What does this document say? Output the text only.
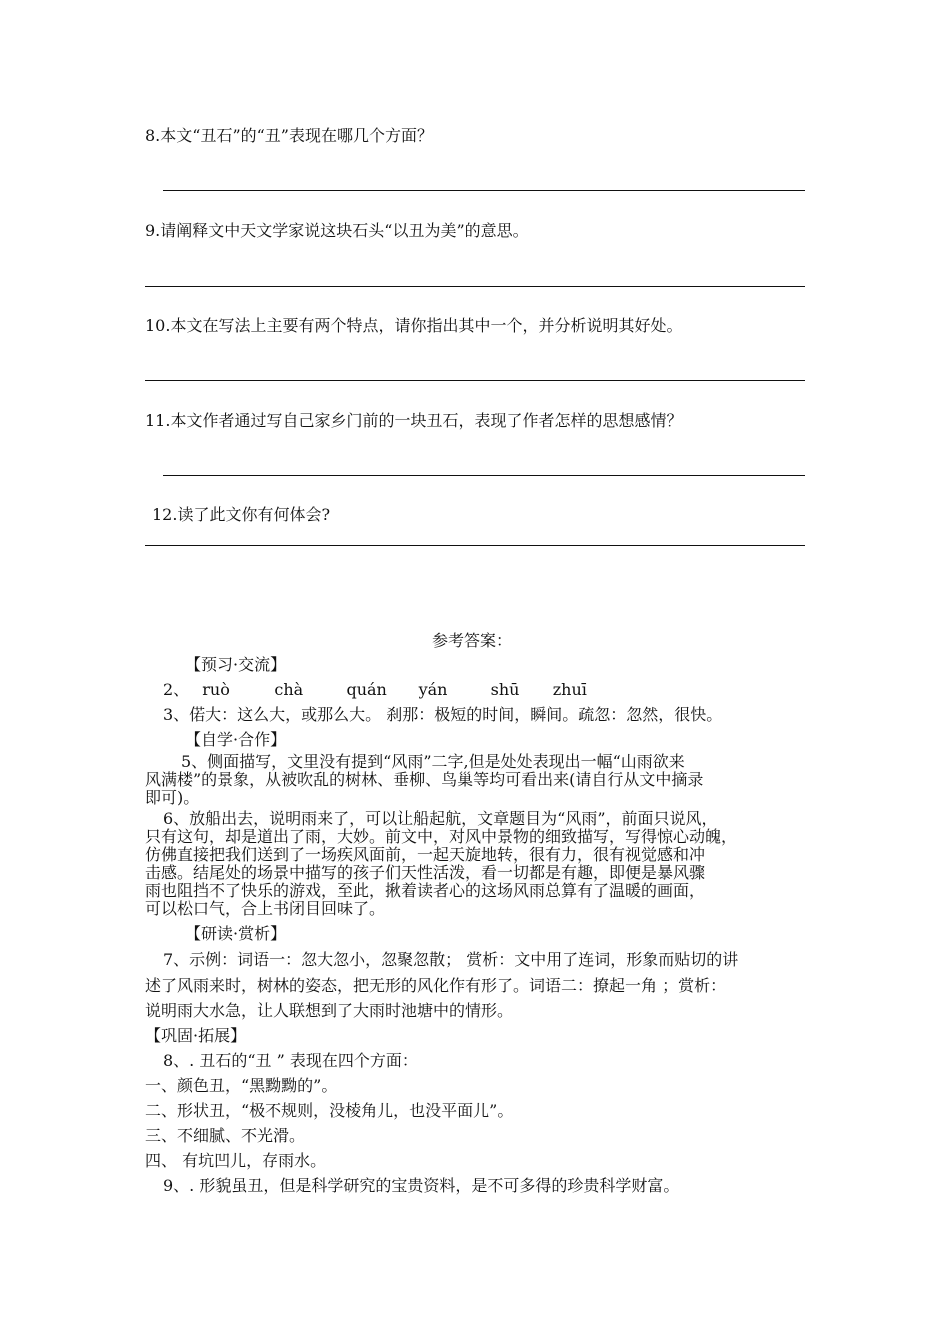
8.本文“丑石”的“丑”表现在哪几个方面？
9.请阐释文中天文学家说这块石头“以丑为美”的意思。
10.本文在写法上主要有两个特点，请你指出其中一个，并分析说明其好处。
11.本文作者通过写自己家乡门前的一块丑石，表现了作者怎样的思想感情？
12.读了此文你有何体会?
参考答案：
【预习·交流】
2、 ruò	chà	quán yán	shū zhuī
3、偌大：这么大，或那么大。 刹那：极短的时间，瞬间。疏忽：忽然，很快。
【自学·合作】
5、侧面描写，文里没有提到“风雨”二字,但是处处表现出一幅“山雨欲来
风满楼”的景象，从被吹乱的树林、垂柳、鸟巢等均可看出来(请自行从文中摘录
即可)。
6、放船出去，说明雨来了，可以让船起航，文章题目为“风雨”，前面只说风，
只有这句，却是道出了雨，大妙。前文中，对风中景物的细致描写，写得惊心动魄，
仿佛直接把我们送到了一场疾风面前，一起天旋地转，很有力，很有视觉感和冲
击感。结尾处的场景中描写的孩子们天性活泼，看一切都是有趣，即便是暴风骤
雨也阻挡不了快乐的游戏，至此，揪着读者心的这场风雨总算有了温暖的画面，
可以松口气，合上书闭目回味了。
【研读·赏析】
7、示例：词语一：忽大忽小，忽聚忽散； 赏析：文中用了连词，形象而贴切的讲
述了风雨来时，树林的姿态，把无形的风化作有形了。词语二：撩起一角 ；赏析：
说明雨大水急，让人联想到了大雨时池塘中的情形。
【巩固·拓展】
8、. 丑石的“丑 ” 表现在四个方面：
一、颜色丑，“黑黝黝的”。
二、形状丑，“极不规则，没棱角儿，也没平面儿”。
三、不细腻、不光滑。
四、 有坑凹儿，存雨水。
9、. 形貌虽丑，但是科学研究的宝贵资料，是不可多得的珍贵科学财富。
